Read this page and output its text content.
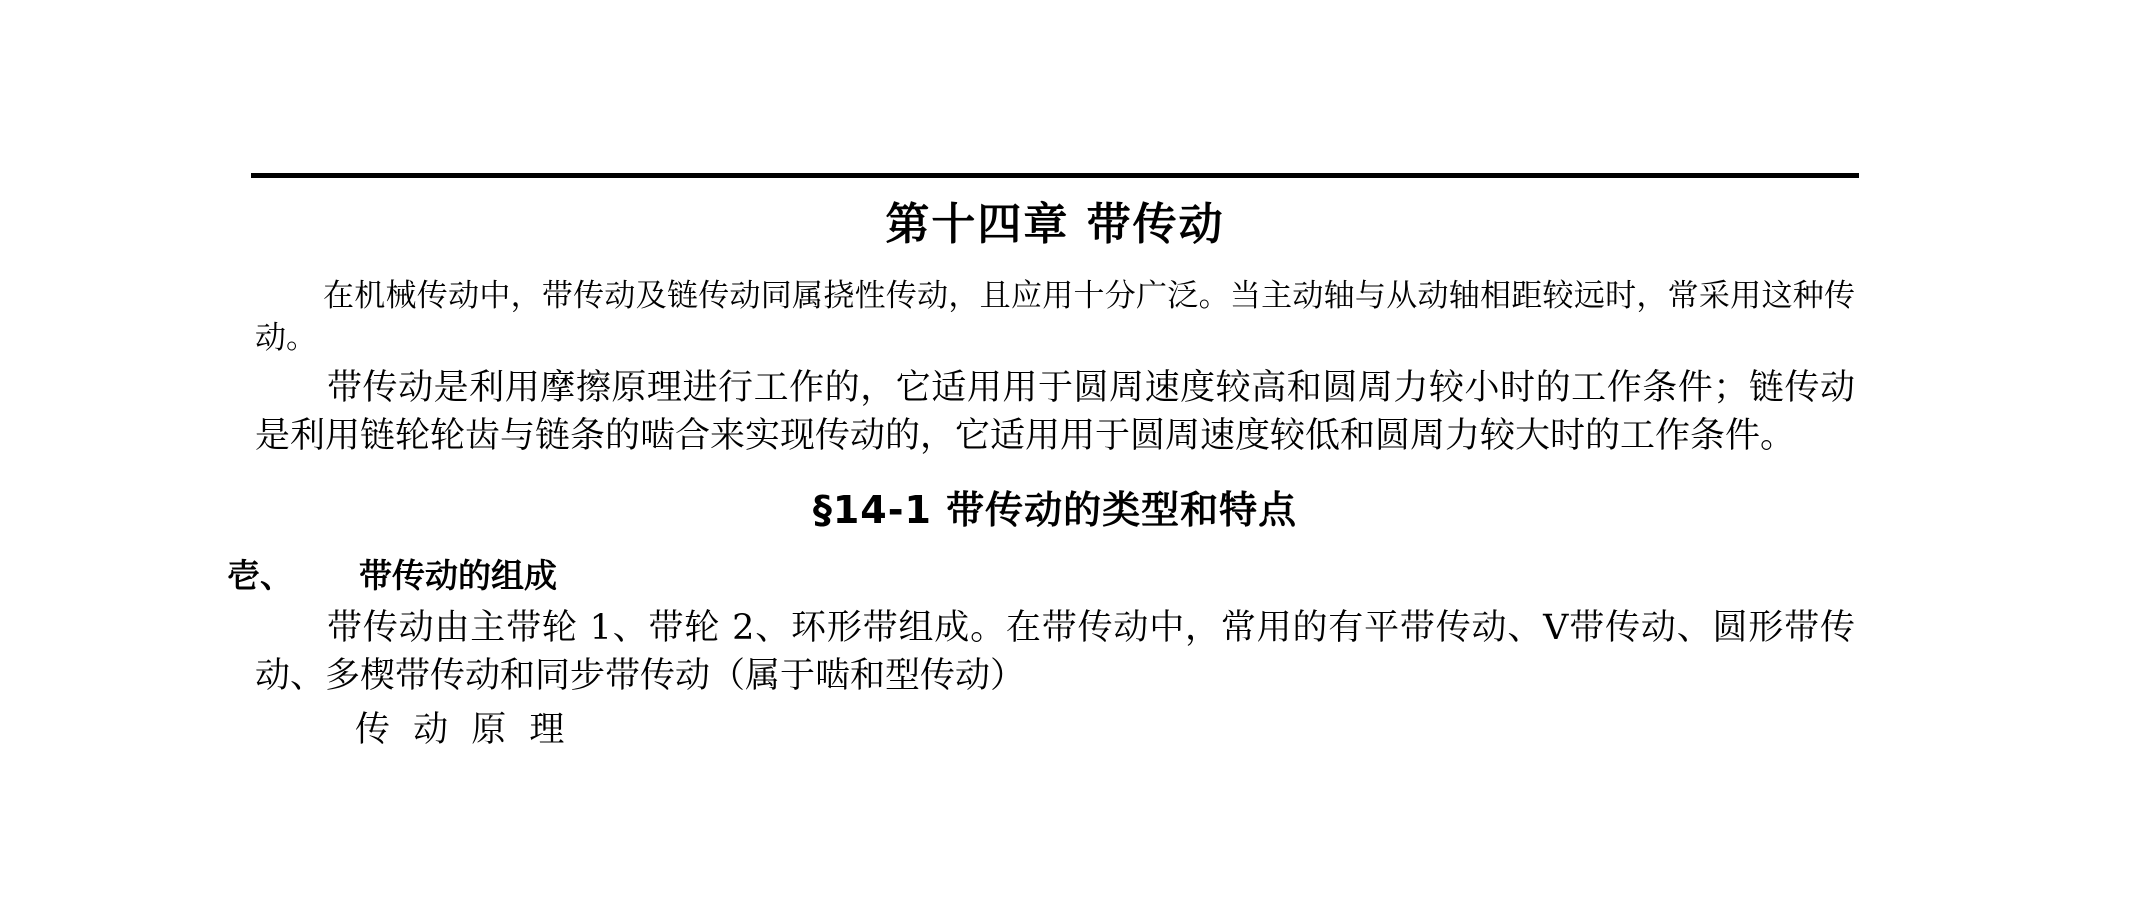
第十四章 带传动

在机械传动中，带传动及链传动同属挠性传动，且应用十分广泛。当主动轴与从动轴相距较远时，常采用这种传动。

带传动是利用摩擦原理进行工作的，它适用用于圆周速度较高和圆周力较小时的工作条件；链传动是利用链轮轮齿与链条的啮合来实现传动的，它适用用于圆周速度较低和圆周力较大时的工作条件。

§14-1 带传动的类型和特点
壱、 带传动的组成

带传动由主带轮 1、带轮 2、环形带组成。在带传动中，常用的有平带传动、V带传动、圆形带传动、多楔带传动和同步带传动（属于啮和型传动）

传 动 原 理
